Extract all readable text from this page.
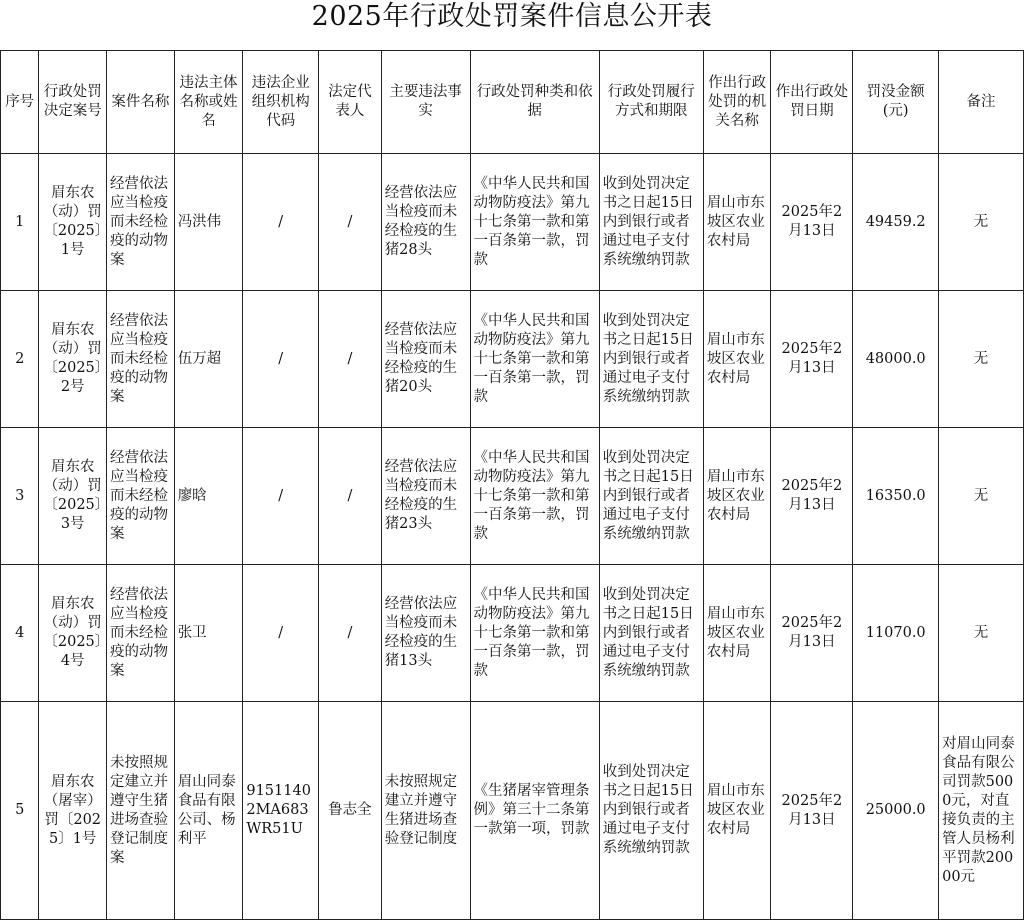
2025年行政处罚案件信息公开表
序号	行政处罚决定案号	案件名称	违法主体名称或姓名	违法企业组织机构代码	法定代表人	主要违法事实	行政处罚种类和依据	行政处罚履行方式和期限	作出行政处罚的机关名称	作出行政处罚日期	罚没金额(元)	备注
1	眉东农（动）罚〔2025〕1号	经营依法应当检疫而未经检疫的动物案	冯洪伟	/	/	经营依法应当检疫而未经检疫的生猪28头	《中华人民共和国动物防疫法》第九十七条第一款和第一百条第一款，罚款	收到处罚决定书之日起15日内到银行或者通过电子支付系统缴纳罚款	眉山市东坡区农业农村局	2025年2月13日	49459.2	无
2	眉东农（动）罚〔2025〕2号	经营依法应当检疫而未经检疫的动物案	伍万超	/	/	经营依法应当检疫而未经检疫的生猪20头	《中华人民共和国动物防疫法》第九十七条第一款和第一百条第一款，罚款	收到处罚决定书之日起15日内到银行或者通过电子支付系统缴纳罚款	眉山市东坡区农业农村局	2025年2月13日	48000.0	无
3	眉东农（动）罚〔2025〕3号	经营依法应当检疫而未经检疫的动物案	廖晗	/	/	经营依法应当检疫而未经检疫的生猪23头	《中华人民共和国动物防疫法》第九十七条第一款和第一百条第一款，罚款	收到处罚决定书之日起15日内到银行或者通过电子支付系统缴纳罚款	眉山市东坡区农业农村局	2025年2月13日	16350.0	无
4	眉东农（动）罚〔2025〕4号	经营依法应当检疫而未经检疫的动物案	张卫	/	/	经营依法应当检疫而未经检疫的生猪13头	《中华人民共和国动物防疫法》第九十七条第一款和第一百条第一款，罚款	收到处罚决定书之日起15日内到银行或者通过电子支付系统缴纳罚款	眉山市东坡区农业农村局	2025年2月13日	11070.0	无
5	眉东农（屠宰）罚〔2025〕1号	未按照规定建立并遵守生猪进场查验登记制度案	眉山同泰食品有限公司、杨利平	91511402MA683WR51U	鲁志全	未按照规定建立并遵守生猪进场查验登记制度	《生猪屠宰管理条例》第三十二条第一款第一项，罚款	收到处罚决定书之日起15日内到银行或者通过电子支付系统缴纳罚款	眉山市东坡区农业农村局	2025年2月13日	25000.0	对眉山同泰食品有限公司罚款5000元，对直接负责的主管人员杨利平罚款20000元
